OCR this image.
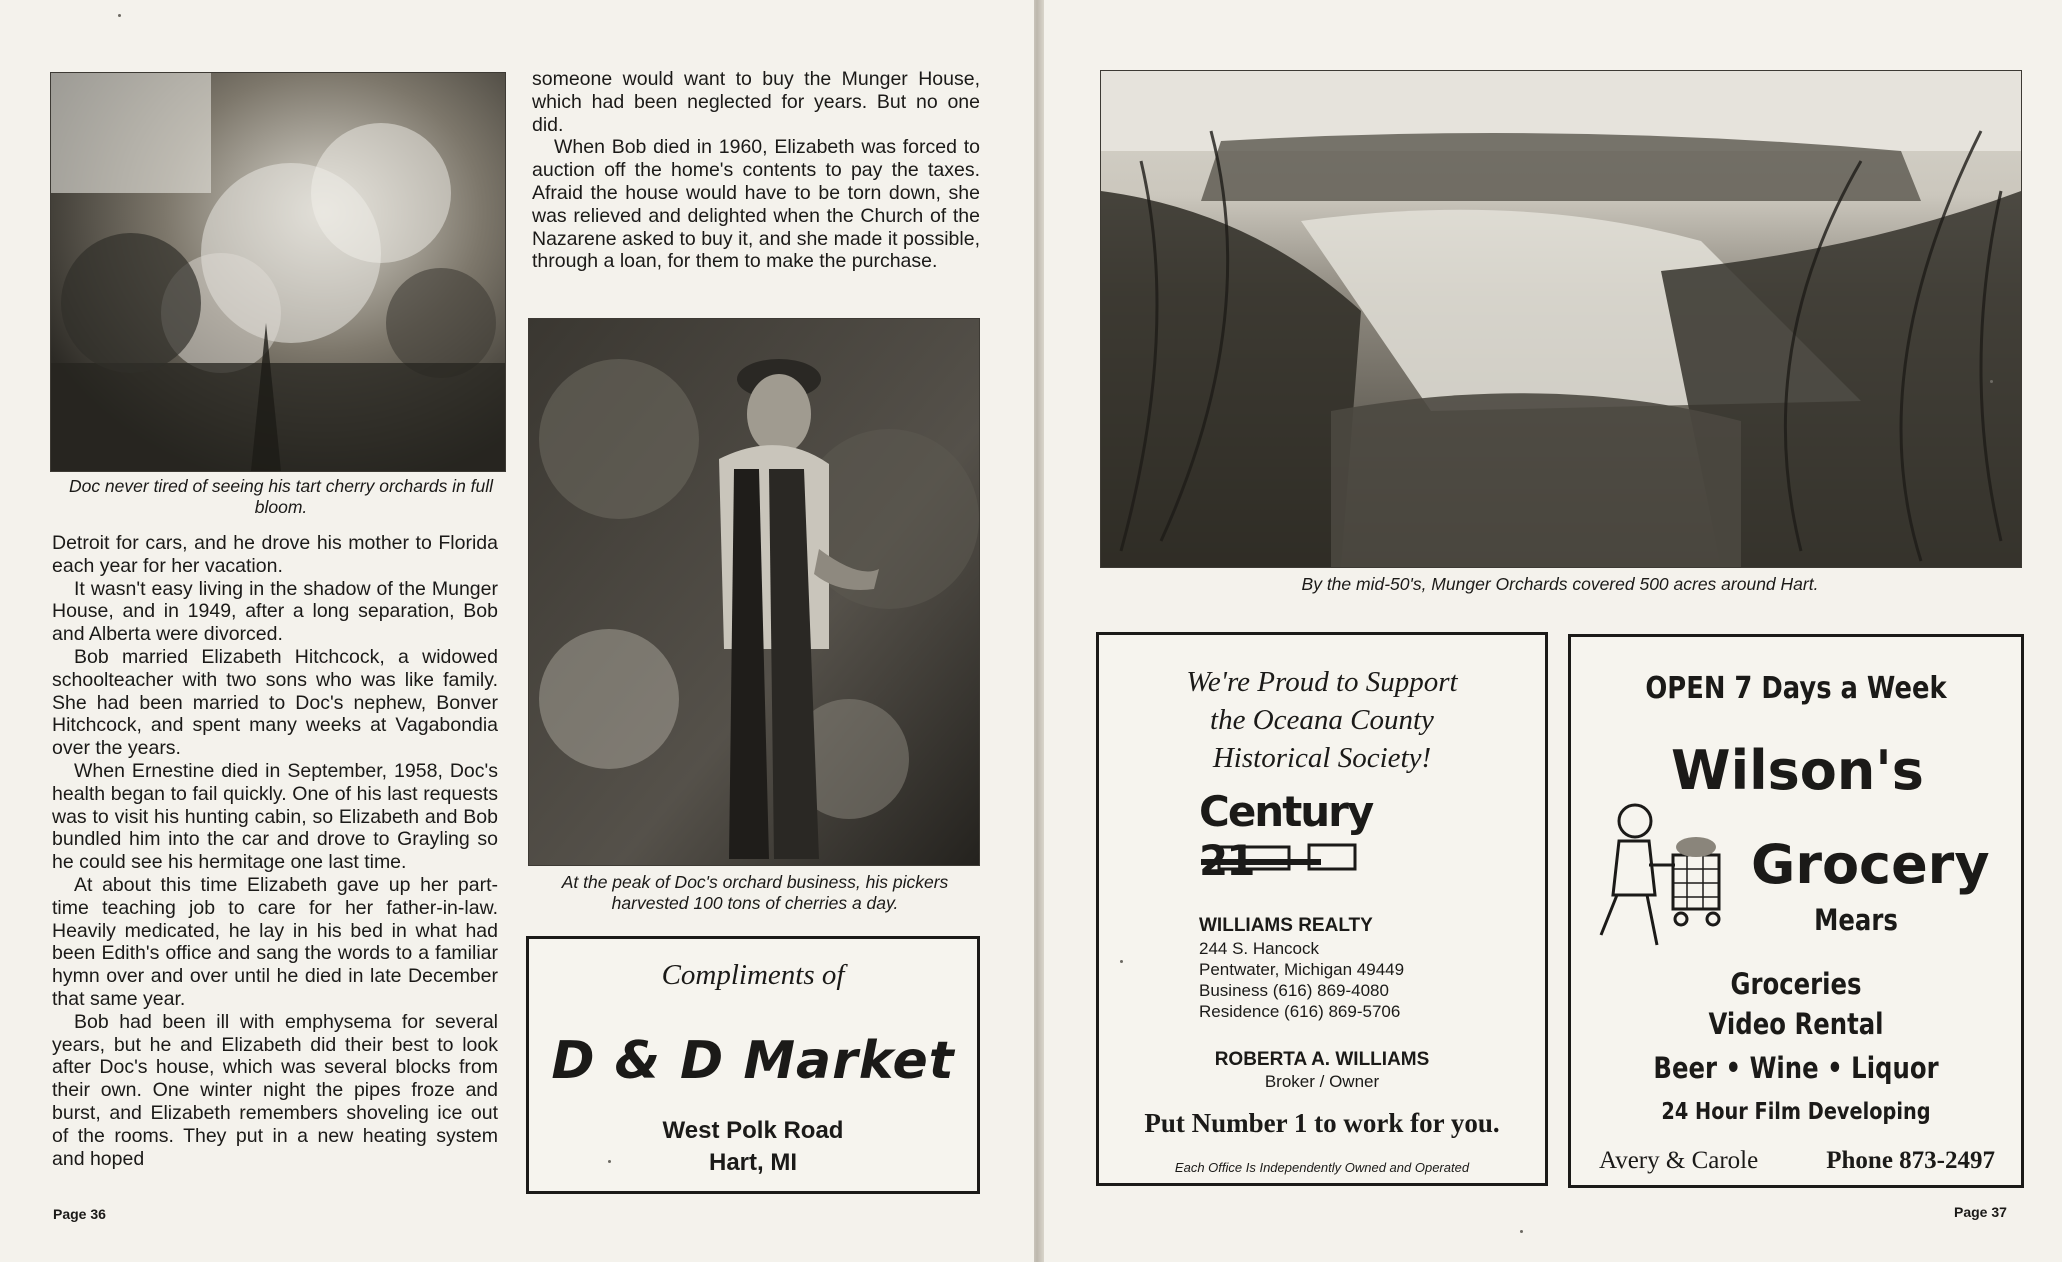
Doc never tired of seeing his tart cherry orchards in full bloom.

Detroit for cars, and he drove his mother to Florida each year for her vacation.

It wasn't easy living in the shadow of the Munger House, and in 1949, after a long separation, Bob and Alberta were divorced.

Bob married Elizabeth Hitchcock, a widowed schoolteacher with two sons who was like family. She had been married to Doc's nephew, Bonver Hitchcock, and spent many weeks at Vagabondia over the years.

When Ernestine died in September, 1958, Doc's health began to fail quickly. One of his last requests was to visit his hunting cabin, so Elizabeth and Bob bundled him into the car and drove to Grayling so he could see his hermitage one last time.

At about this time Elizabeth gave up her part-time teaching job to care for her father-in-law. Heavily medicated, he lay in his bed in what had been Edith's office and sang the words to a familiar hymn over and over until he died in late December that same year.

Bob had been ill with emphysema for several years, but he and Elizabeth did their best to look after Doc's house, which was several blocks from their own. One winter night the pipes froze and burst, and Elizabeth remembers shoveling ice out of the rooms. They put in a new heating system and hoped

someone would want to buy the Munger House, which had been neglected for years. But no one did.

When Bob died in 1960, Elizabeth was forced to auction off the home's contents to pay the taxes. Afraid the house would have to be torn down, she was relieved and delighted when the Church of the Nazarene asked to buy it, and she made it possible, through a loan, for them to make the purchase.

At the peak of Doc's orchard business, his pickers harvested 100 tons of cherries a day.
Compliments of
D & D Market
West Polk Road
Hart, MI
Page 36
By the mid-50's, Munger Orchards covered 500 acres around Hart.
We're Proud to Support
the Oceana County
Historical Society!
Century 21
WILLIAMS REALTY
244 S. Hancock
Pentwater, Michigan 49449
Business (616) 869-4080
Residence (616) 869-5706
ROBERTA A. WILLIAMS
Broker / Owner
Put Number 1 to work for you.
Each Office Is Independently Owned and Operated
OPEN 7 Days a Week
Wilson's
Grocery
Mears
Groceries
Video Rental
Beer • Wine • Liquor
24 Hour Film Developing
Avery & Carole	Phone 873-2497
Page 37
